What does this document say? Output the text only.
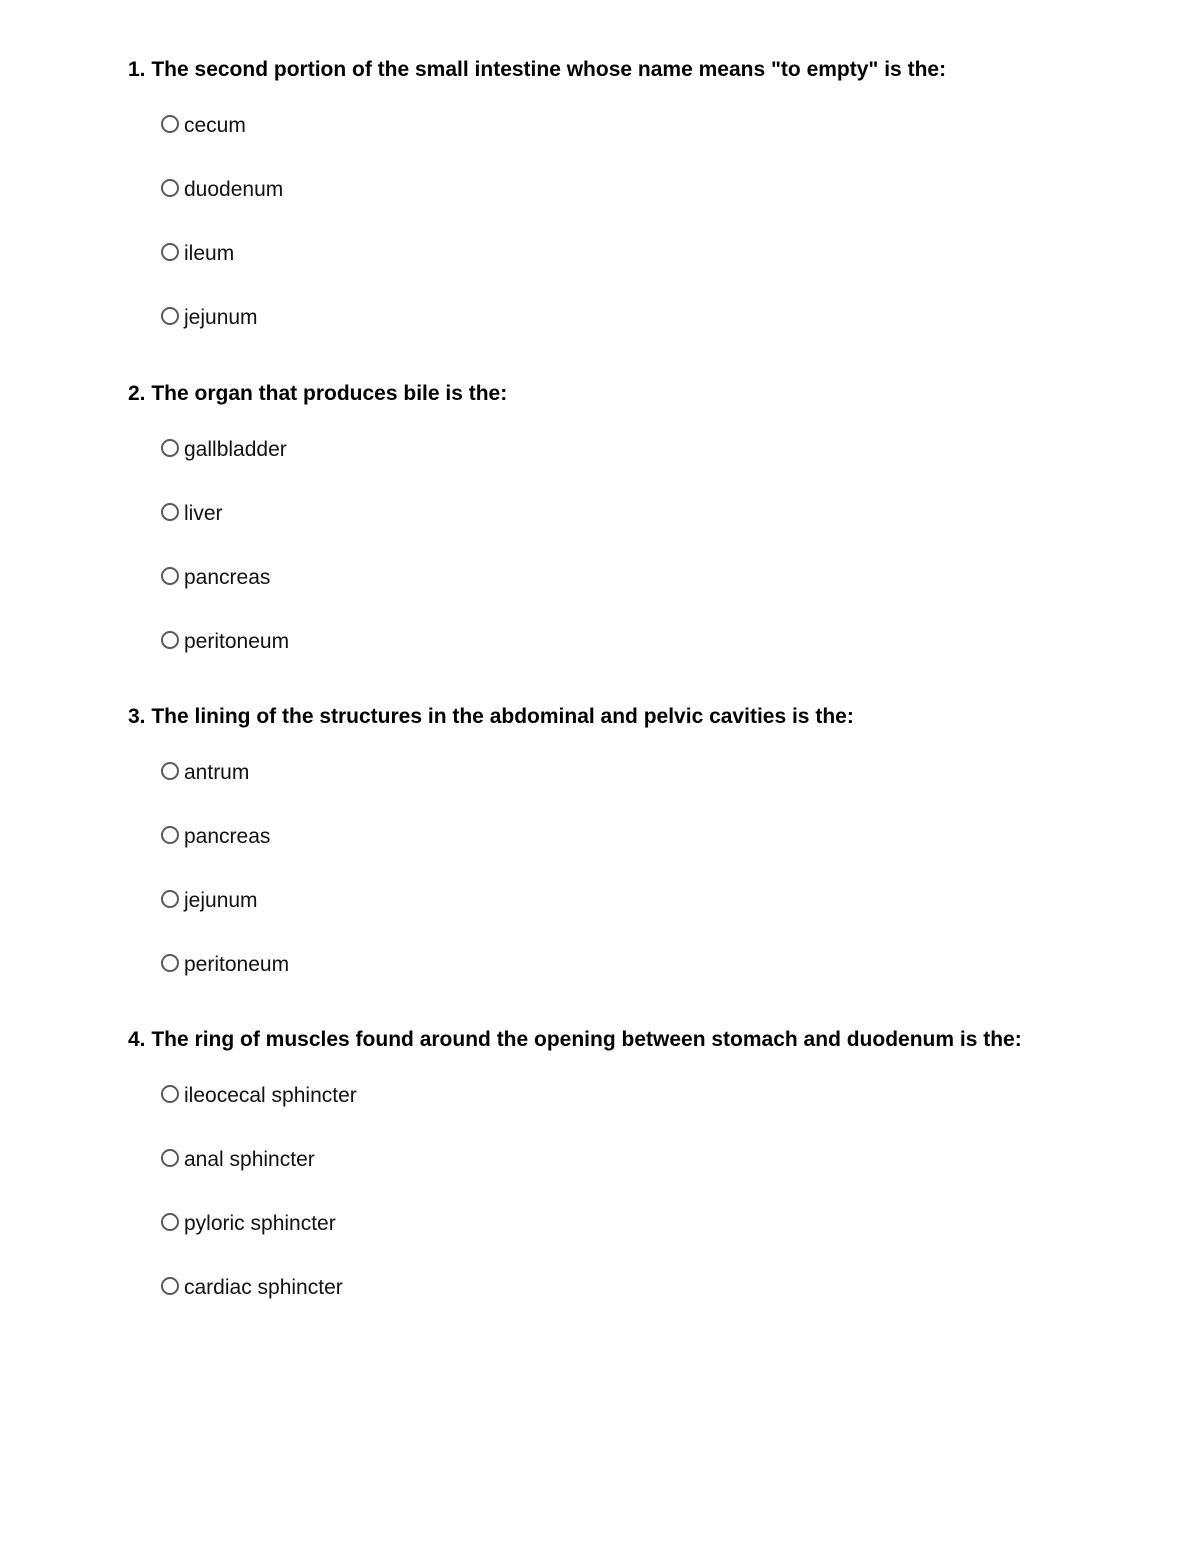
1. The second portion of the small intestine whose name means "to empty" is the:
cecum
duodenum
ileum
jejunum
2. The organ that produces bile is the:
gallbladder
liver
pancreas
peritoneum
3. The lining of the structures in the abdominal and pelvic cavities is the:
antrum
pancreas
jejunum
peritoneum
4. The ring of muscles found around the opening between stomach and duodenum is the:
ileocecal sphincter
anal sphincter
pyloric sphincter
cardiac sphincter
